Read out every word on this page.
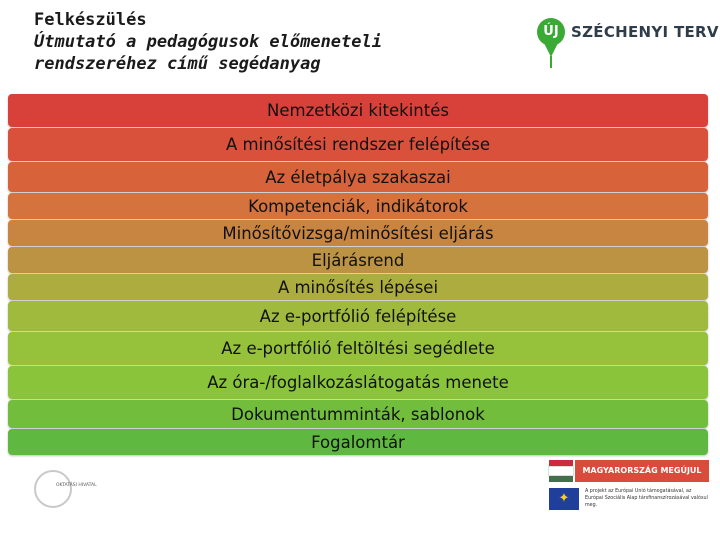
Felkészülés
Útmutató a pedagógusok előmeneteli
rendszeréhez című segédanyag
ÚJ SZÉCHENYI TERV
Nemzetközi kitekintés
A minősítési rendszer felépítése
Az életpálya szakaszai
Kompetenciák, indikátorok
Minősítővizsga/minősítési eljárás
Eljárásrend
A minősítés lépései
Az e-portfólió felépítése
Az e-portfólió feltöltési segédlete
Az óra-/foglalkozáslátogatás menete
Dokumentumminták, sablonok
Fogalomtár
OKTATÁSI HIVATAL
MAGYARORSZÁG MEGÚJUL
✦	A projekt az Európai Unió támogatásával, az Európai Szociális Alap társfinanszírozásával valósul meg.
